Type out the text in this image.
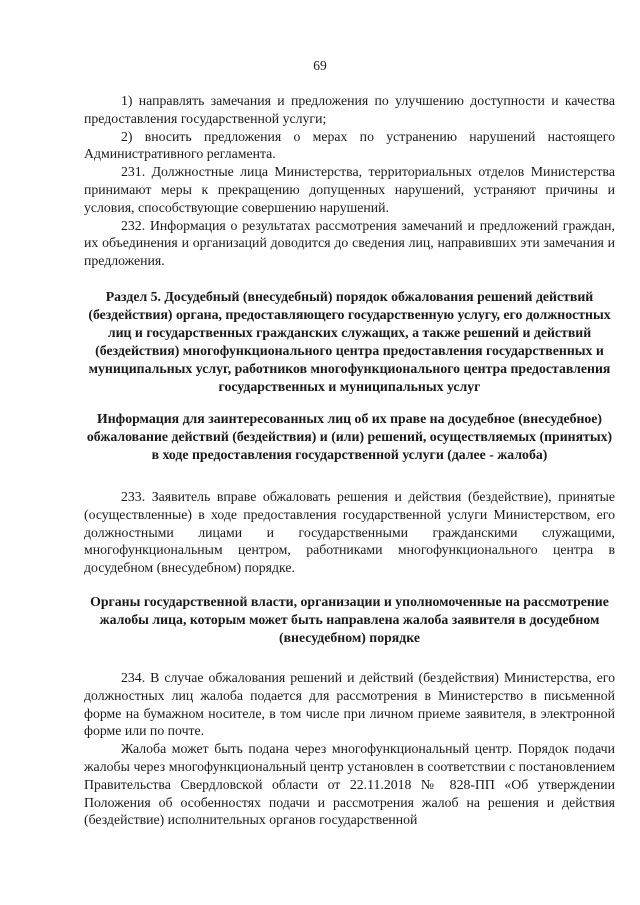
69

1) направлять замечания и предложения по улучшению доступности и качества предоставления государственной услуги;

2) вносить предложения о мерах по устранению нарушений настоящего Административного регламента.

231. Должностные лица Министерства, территориальных отделов Министерства принимают меры к прекращению допущенных нарушений, устраняют причины и условия, способствующие совершению нарушений.

232. Информация о результатах рассмотрения замечаний и предложений граждан, их объединения и организаций доводится до сведения лиц, направивших эти замечания и предложения.

Раздел 5. Досудебный (внесудебный) порядок обжалования решений действий (бездействия) органа, предоставляющего государственную услугу, его должностных лиц и государственных гражданских служащих, а также решений и действий (бездействия) многофункционального центра предоставления государственных и муниципальных услуг, работников многофункционального центра предоставления государственных и муниципальных услуг
Информация для заинтересованных лиц об их праве на досудебное (внесудебное) обжалование действий (бездействия) и (или) решений, осуществляемых (принятых) в ходе предоставления государственной услуги (далее - жалоба)

233. Заявитель вправе обжаловать решения и действия (бездействие), принятые (осуществленные) в ходе предоставления государственной услуги Министерством, его должностными лицами и государственными гражданскими служащими, многофункциональным центром, работниками многофункционального центра в досудебном (внесудебном) порядке.

Органы государственной власти, организации и уполномоченные на рассмотрение жалобы лица, которым может быть направлена жалоба заявителя в досудебном (внесудебном) порядке

234. В случае обжалования решений и действий (бездействия) Министерства, его должностных лиц жалоба подается для рассмотрения в Министерство в письменной форме на бумажном носителе, в том числе при личном приеме заявителя, в электронной форме или по почте.

Жалоба может быть подана через многофункциональный центр. Порядок подачи жалобы через многофункциональный центр установлен в соответствии с постановлением Правительства Свердловской области от 22.11.2018 № 828-ПП «Об утверждении Положения об особенностях подачи и рассмотрения жалоб на решения и действия (бездействие) исполнительных органов государственной
